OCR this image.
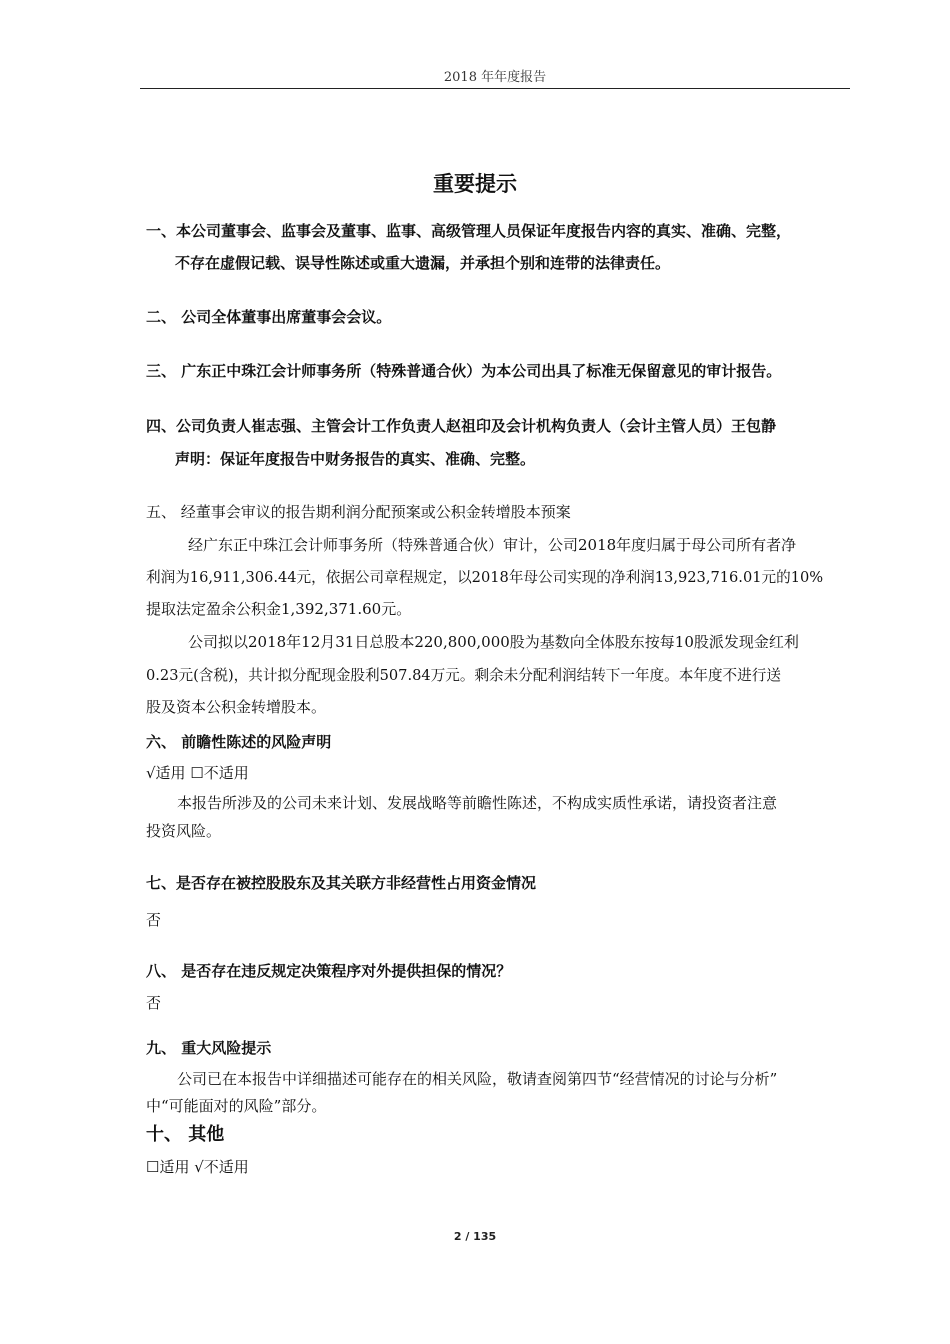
2018 年年度报告
重要提示
一、本公司董事会、监事会及董事、监事、高级管理人员保证年度报告内容的真实、准确、完整，
不存在虚假记载、误导性陈述或重大遗漏，并承担个别和连带的法律责任。
二、 公司全体董事出席董事会会议。
三、 广东正中珠江会计师事务所（特殊普通合伙）为本公司出具了标准无保留意见的审计报告。
四、公司负责人崔志强、主管会计工作负责人赵祖印及会计机构负责人（会计主管人员）王包静
声明：保证年度报告中财务报告的真实、准确、完整。
五、 经董事会审议的报告期利润分配预案或公积金转增股本预案
经广东正中珠江会计师事务所（特殊普通合伙）审计，公司2018年度归属于母公司所有者净
利润为16,911,306.44元，依据公司章程规定，以2018年母公司实现的净利润13,923,716.01元的10%
提取法定盈余公积金1,392,371.60元。
公司拟以2018年12月31日总股本220,800,000股为基数向全体股东按每10股派发现金红利
0.23元(含税)，共计拟分配现金股利507.84万元。剩余未分配利润结转下一年度。本年度不进行送
股及资本公积金转增股本。
六、 前瞻性陈述的风险声明
√适用 ☐不适用
本报告所涉及的公司未来计划、发展战略等前瞻性陈述，不构成实质性承诺，请投资者注意
投资风险。
七、是否存在被控股股东及其关联方非经营性占用资金情况
否
八、 是否存在违反规定决策程序对外提供担保的情况？
否
九、 重大风险提示
公司已在本报告中详细描述可能存在的相关风险，敬请查阅第四节“经营情况的讨论与分析”
中“可能面对的风险”部分。
十、 其他
☐适用 √不适用
2 / 135
